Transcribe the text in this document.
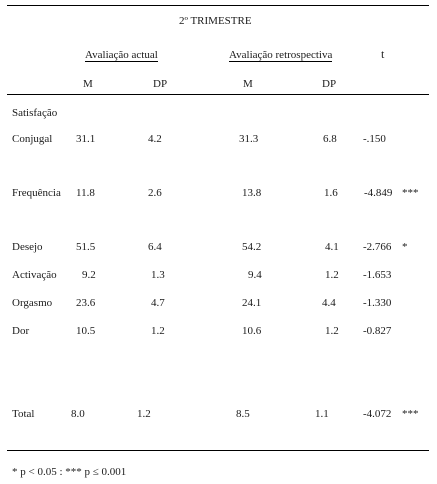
2º TRIMESTRE
Avaliação actual	Avaliação retrospectiva	t
M	DP	M	DP
Satisfação
Conjugal 31.1	4.2	31.3	6.8 -.150
Frequência 11.8	2.6	13.8	1.6 -4.849 ***
Desejo	51.5	6.4	54.2	4.1 -2.766 *
Activação 9.2	1.3	9.4	1.2 -1.653
Orgasmo 23.6	4.7	24.1	4.4 -1.330
Dor	10.5	1.2	10.6	1.2 -0.827
Total	8.0	1.2	8.5	1.1	-4.072 ***
* p < 0.05 : *** p ≤ 0.001
